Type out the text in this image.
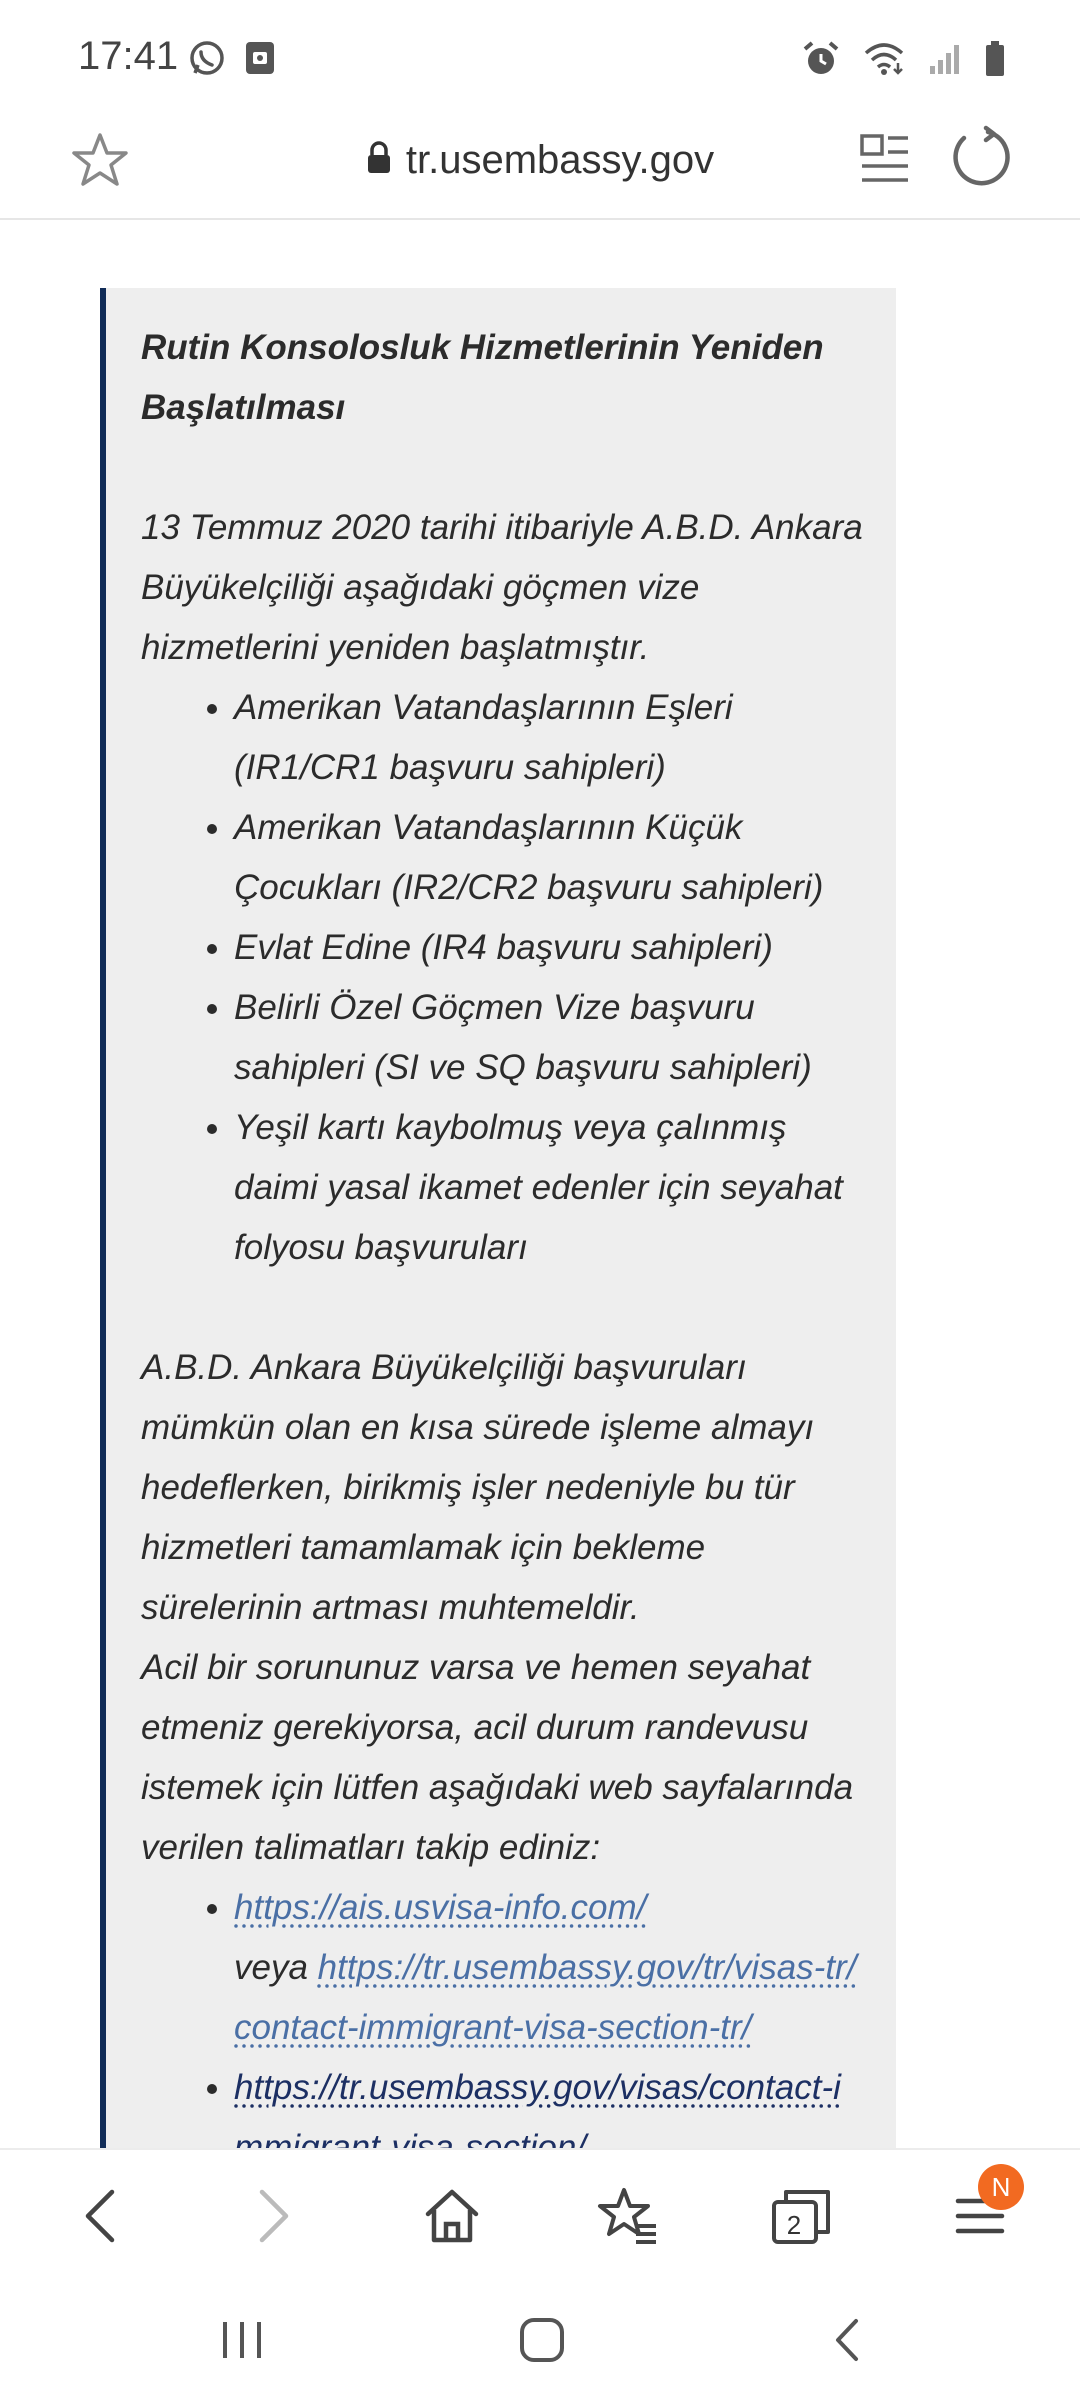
17:41
tr.usembassy.gov

Rutin Konsolosluk Hizmetlerinin Yeniden Başlatılması

13 Temmuz 2020 tarihi itibariyle A.B.D. Ankara Büyükelçiliği aşağıdaki göçmen vize hizmetlerini yeniden başlatmıştır.

• Amerikan Vatandaşlarının Eşleri (IR1/CR1 başvuru sahipleri)
• Amerikan Vatandaşlarının Küçük Çocukları (IR2/CR2 başvuru sahipleri)
• Evlat Edine (IR4 başvuru sahipleri)
• Belirli Özel Göçmen Vize başvuru sahipleri (SI ve SQ başvuru sahipleri)
• Yeşil kartı kaybolmuş veya çalınmış daimi yasal ikamet edenler için seyahat folyosu başvuruları

A.B.D. Ankara Büyükelçiliği başvuruları mümkün olan en kısa sürede işleme almayı hedeflerken, birikmiş işler nedeniyle bu tür hizmetleri tamamlamak için bekleme sürelerinin artması muhtemeldir.

Acil bir sorununuz varsa ve hemen seyahat etmeniz gerekiyorsa, acil durum randevusu istemek için lütfen aşağıdaki web sayfalarında verilen talimatları takip ediniz:

• https://ais.usvisa-info.com/
veya https://tr.usembassy.gov/tr/visas-tr/contact-immigrant-visa-section-tr/
• https://tr.usembassy.gov/visas/contact-i

2
N
